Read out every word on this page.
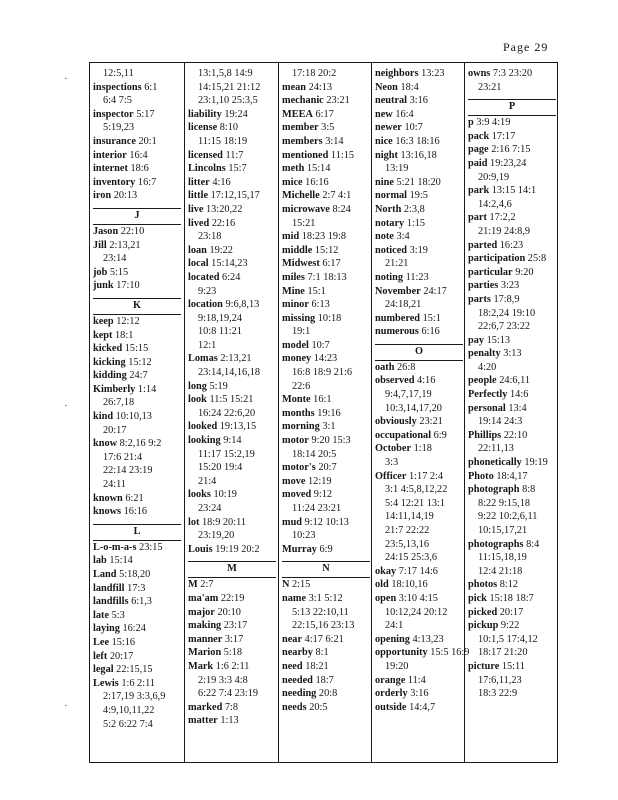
Page 29
12:5,11
inspections 6:1
6:4 7:5
inspector 5:17
5:19,23
insurance 20:1
interior 16:4
internet 18:6
inventory 16:7
iron 20:13
J
Jason 22:10
Jill 2:13,21
23:14
job 5:15
junk 17:10
K
keep 12:12
kept 18:1
kicked 15:15
kicking 15:12
kidding 24:7
Kimberly 1:14
26:7,18
kind 10:10,13
20:17
know 8:2,16 9:2
17:6 21:4
22:14 23:19
24:11
known 6:21
knows 16:16
L
L-o-m-a-s 23:15
lab 15:14
Land 5:18,20
landfill 17:3
landfills 6:1,3
late 5:3
laying 16:24
Lee 15:16
left 20:17
legal 22:15,15
Lewis 1:6 2:11
2:17,19 3:3,6,9
4:9,10,11,22
5:2 6:22 7:4
13:1,5,8 14:9
14:15,21 21:12
23:1,10 25:3,5
liability 19:24
license 8:10
11:15 18:19
licensed 11:7
Lincolns 15:7
litter 4:16
little 17:12,15,17
live 13:20,22
lived 22:16
23:18
loan 19:22
local 15:14,23
located 6:24
9:23
location 9:6,8,13
9:18,19,24
10:8 11:21
12:1
Lomas 2:13,21
23:14,14,16,18
long 5:19
look 11:5 15:21
16:24 22:6,20
looked 19:13,15
looking 9:14
11:17 15:2,19
15:20 19:4
21:4
looks 10:19
23:24
lot 18:9 20:11
23:19,20
Louis 19:19 20:2
M
M 2:7
ma'am 22:19
major 20:10
making 23:17
manner 3:17
Marion 5:18
Mark 1:6 2:11
2:19 3:3 4:8
6:22 7:4 23:19
marked 7:8
matter 1:13
17:18 20:2
mean 24:13
mechanic 23:21
MEEA 6:17
member 3:5
members 3:14
mentioned 11:15
meth 15:14
mice 16:16
Michelle 2:7 4:1
microwave 8:24
15:21
mid 18:23 19:8
middle 15:12
Midwest 6:17
miles 7:1 18:13
Mine 15:1
minor 6:13
missing 10:18
19:1
model 10:7
money 14:23
16:8 18:9 21:6
22:6
Monte 16:1
months 19:16
morning 3:1
motor 9:20 15:3
18:14 20:5
motor's 20:7
move 12:19
moved 9:12
11:24 23:21
mud 9:12 10:13
10:23
Murray 6:9
N
N 2:15
name 3:1 5:12
5:13 22:10,11
22:15,16 23:13
near 4:17 6:21
nearby 8:1
need 18:21
needed 18:7
needing 20:8
needs 20:5
neighbors 13:23
Neon 18:4
neutral 3:16
new 16:4
newer 10:7
nice 16:3 18:16
night 13:16,18
13:19
nine 5:21 18:20
normal 19:5
North 2:3,8
notary 1:15
note 3:4
noticed 3:19
21:21
noting 11:23
November 24:17
24:18,21
numbered 15:1
numerous 6:16
O
oath 26:8
observed 4:16
9:4,7,17,19
10:3,14,17,20
obviously 23:21
occupational 6:9
October 1:18
3:3
Officer 1:17 2:4
3:1 4:5,8,12,22
5:4 12:21 13:1
14:11,14,19
21:7 22:22
23:5,13,16
24:15 25:3,6
okay 7:17 14:6
old 18:10,16
open 3:10 4:15
10:12,24 20:12
24:1
opening 4:13,23
opportunity 15:5 16:9
19:20
orange 11:4
orderly 3:16
outside 14:4,7
owns 7:3 23:20
23:21
P
p 3:9 4:19
pack 17:17
page 2:16 7:15
paid 19:23,24
20:9,19
park 13:15 14:1
14:2,4,6
part 17:2,2
21:19 24:8,9
parted 16:23
participation 25:8
particular 9:20
parties 3:23
parts 17:8,9
18:2,24 19:10
22:6,7 23:22
pay 15:13
penalty 3:13
4:20
people 24:6,11
Perfectly 14:6
personal 13:4
19:14 24:3
Phillips 22:10
22:11,13
phonetically 19:19
Photo 18:4,17
photograph 8:8
8:22 9:15,18
9:22 10:2,6,11
10:15,17,21
photographs 8:4
11:15,18,19
12:4 21:18
photos 8:12
pick 15:18 18:7
picked 20:17
pickup 9:22
10:1,5 17:4,12
18:17 21:20
picture 15:11
17:6,11,23
18:3 22:9
·
·
·
